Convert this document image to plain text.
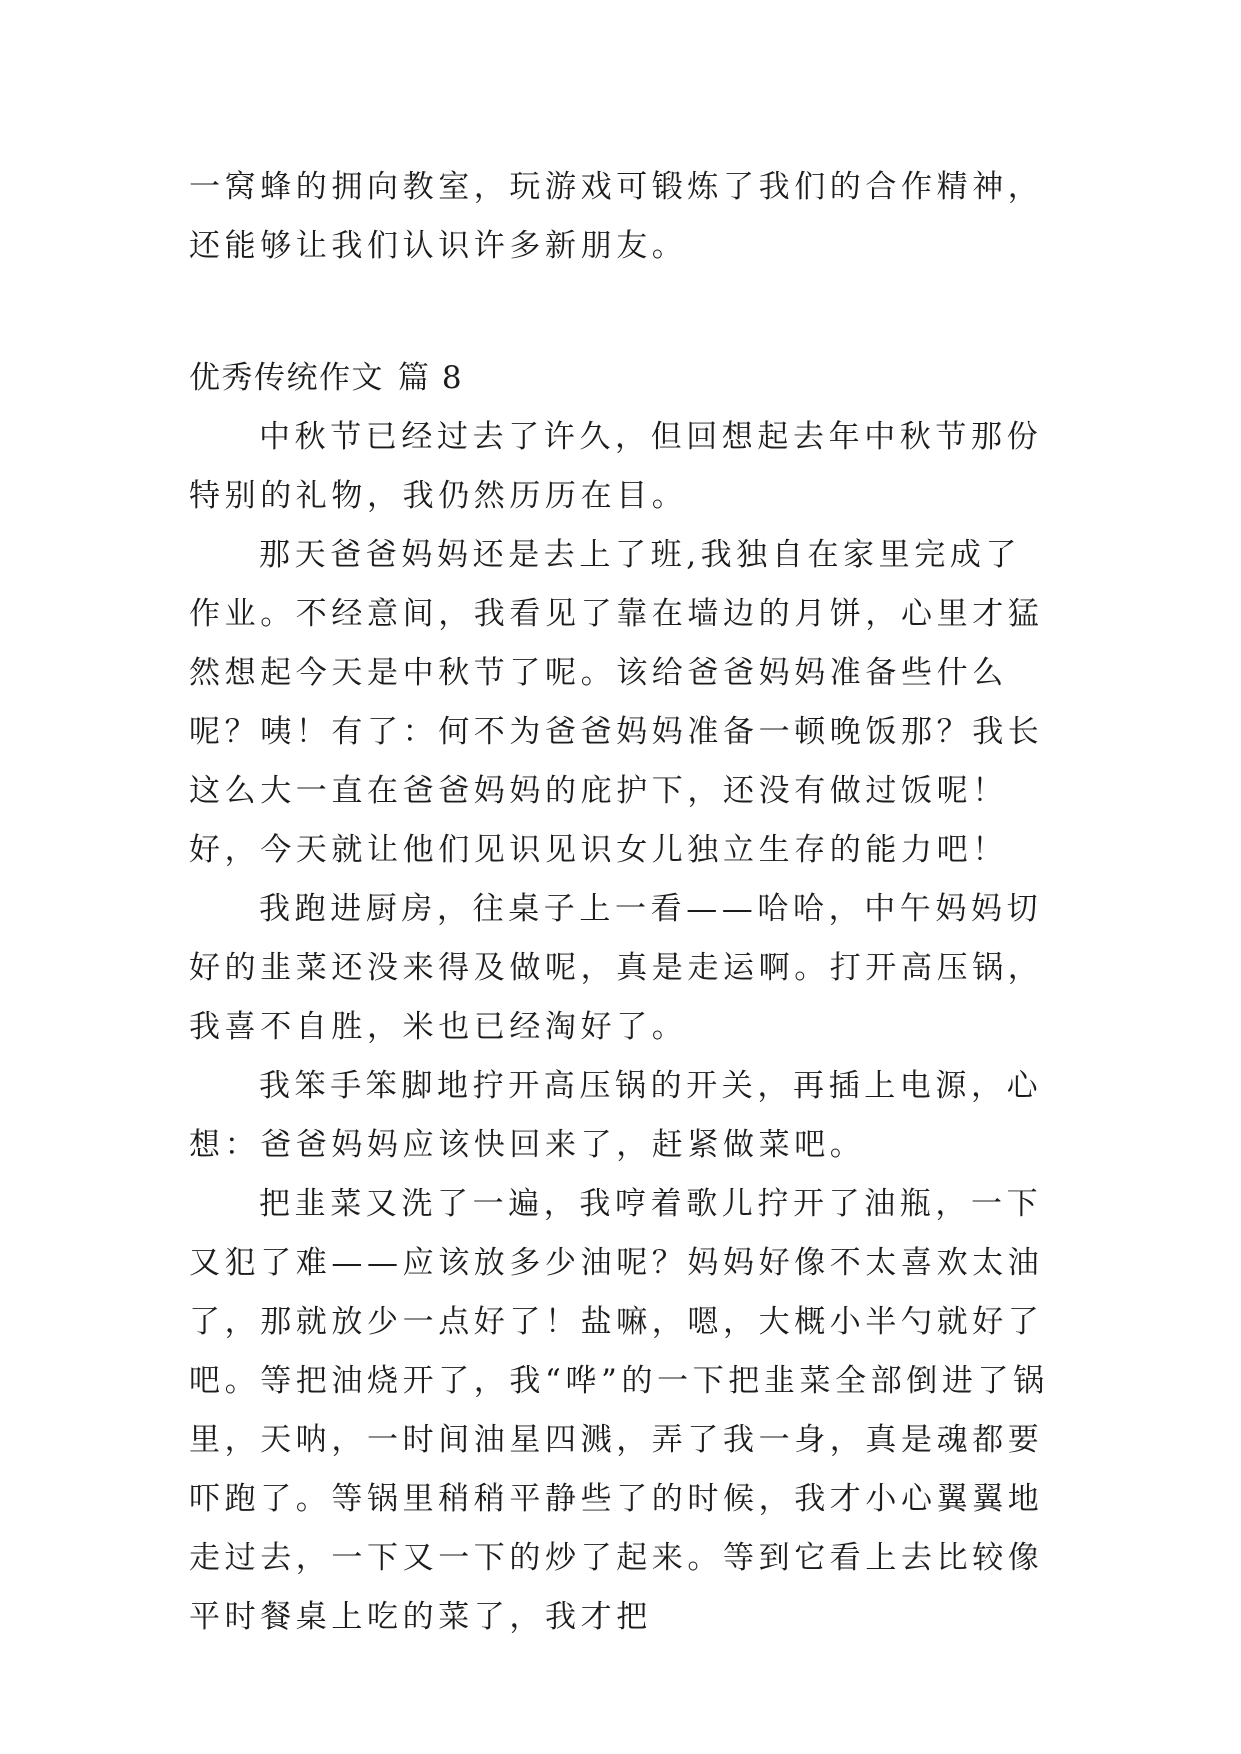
一窝蜂的拥向教室，玩游戏可锻炼了我们的合作精神，还能够让我们认识许多新朋友。

优秀传统作文 篇 8

中秋节已经过去了许久，但回想起去年中秋节那份特别的礼物，我仍然历历在目。

那天爸爸妈妈还是去上了班,我独自在家里完成了作业。不经意间，我看见了靠在墙边的月饼，心里才猛然想起今天是中秋节了呢。该给爸爸妈妈准备些什么呢？咦！有了：何不为爸爸妈妈准备一顿晚饭那？我长这么大一直在爸爸妈妈的庇护下，还没有做过饭呢！好，今天就让他们见识见识女儿独立生存的能力吧！

我跑进厨房，往桌子上一看——哈哈，中午妈妈切好的韭菜还没来得及做呢，真是走运啊。打开高压锅，我喜不自胜，米也已经淘好了。

我笨手笨脚地拧开高压锅的开关，再插上电源，心想：爸爸妈妈应该快回来了，赶紧做菜吧。

把韭菜又洗了一遍，我哼着歌儿拧开了油瓶，一下又犯了难——应该放多少油呢？妈妈好像不太喜欢太油了，那就放少一点好了！盐嘛，嗯，大概小半勺就好了吧。等把油烧开了，我“哗”的一下把韭菜全部倒进了锅里，天呐，一时间油星四溅，弄了我一身，真是魂都要吓跑了。等锅里稍稍平静些了的时候，我才小心翼翼地走过去，一下又一下的炒了起来。等到它看上去比较像平时餐桌上吃的菜了，我才把
